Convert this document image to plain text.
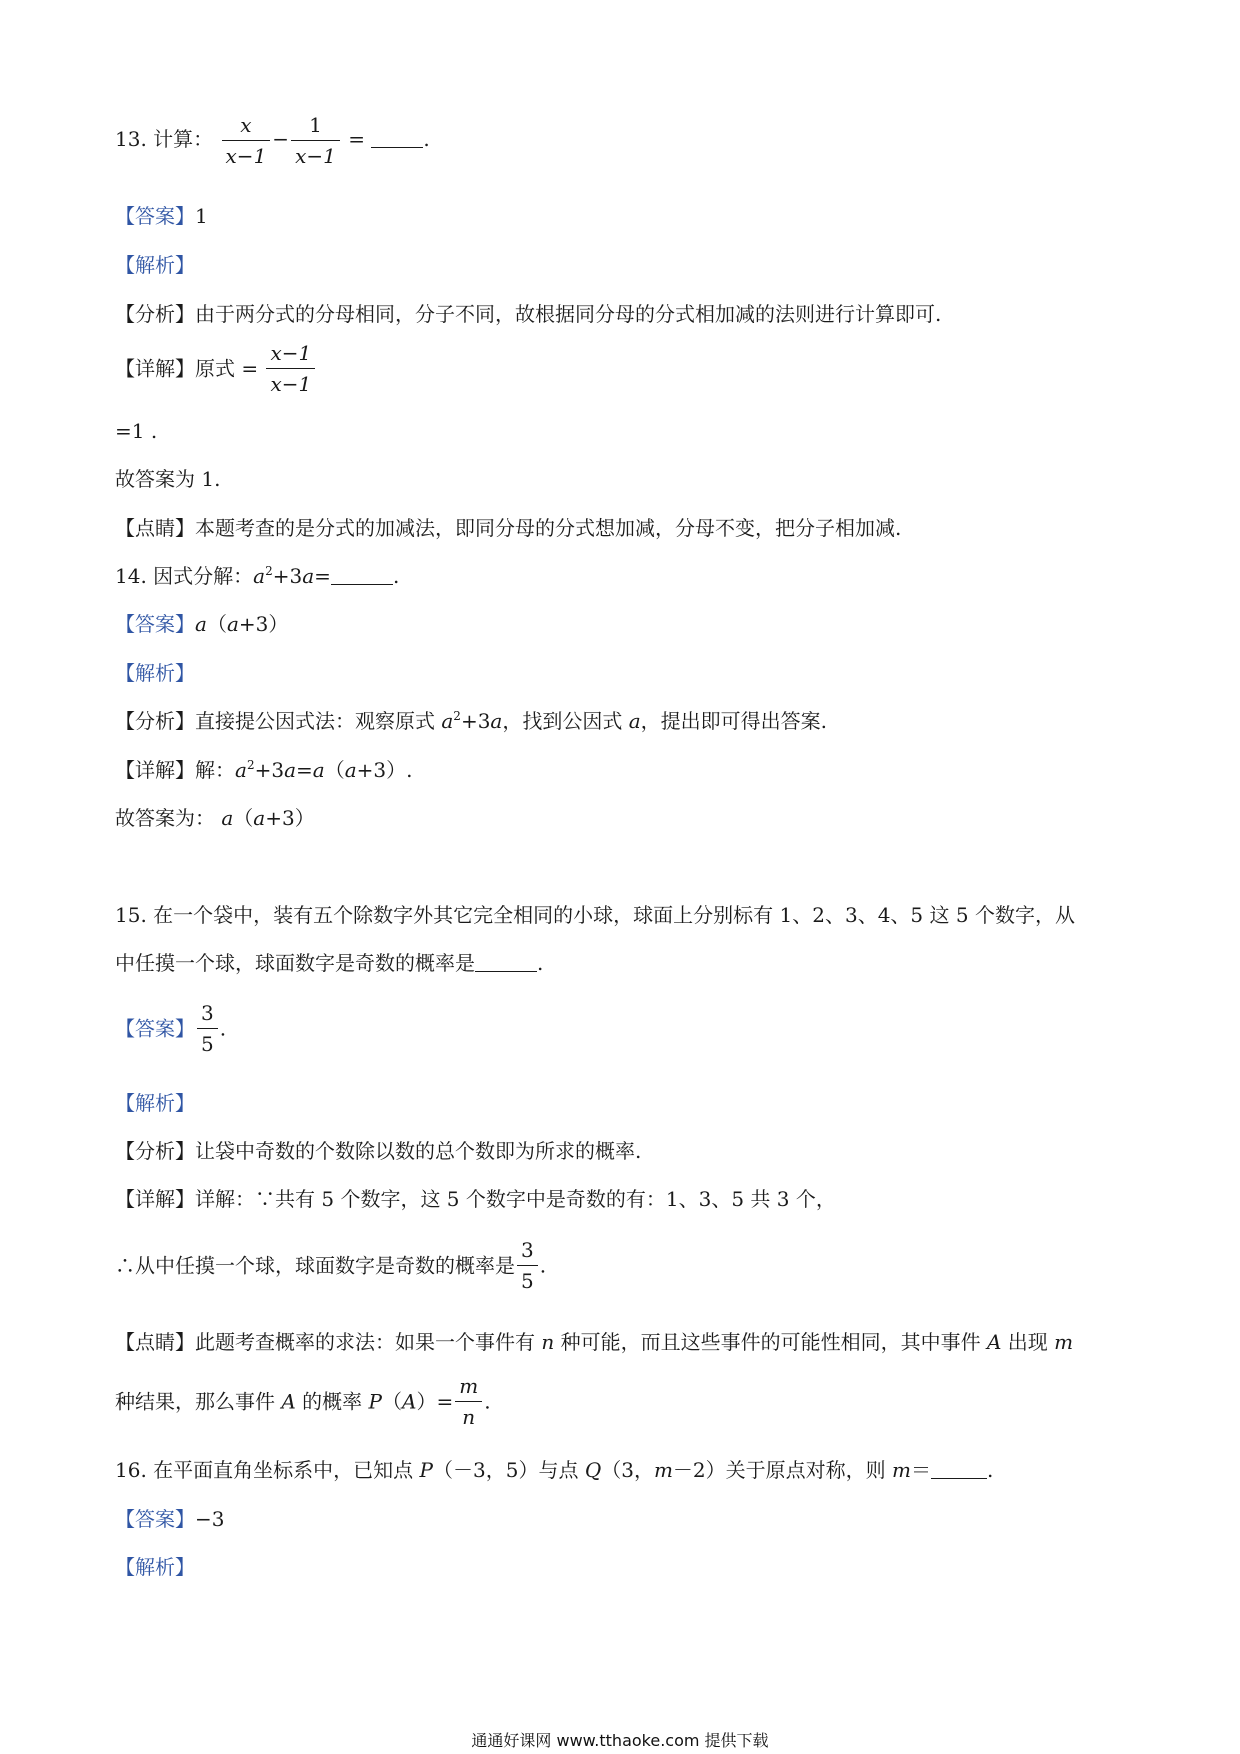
13. 计算： $\frac{x}{x-1} - \frac{1}{x-1}$ =	.
【答案】1
【解析】
【分析】由于两分式的分母相同，分子不同，故根据同分母的分式相加减的法则进行计算即可.
【详解】原式 = $\frac{x-1}{x-1}$
=1 .
故答案为 1.
【点睛】本题考查的是分式的加减法，即同分母的分式想加减，分母不变，把分子相加减.
14. 因式分解：$a^2+3a=$	.
【答案】a（a+3）
【解析】
【分析】直接提公因式法：观察原式 $a^2+3a$，找到公因式 a，提出即可得出答案.
【详解】解：$a^2+3a=a(a+3)$.
故答案为： a（a+3）
15. 在一个袋中，装有五个除数字外其它完全相同的小球，球面上分别标有 1、2、3、4、5 这 5 个数字，从
中任摸一个球，球面数字是奇数的概率是	.
【答案】 $\frac{3}{5}$ .
【解析】
【分析】让袋中奇数的个数除以数的总个数即为所求的概率.
【详解】详解：∵共有 5 个数字，这 5 个数字中是奇数的有：1、3、5 共 3 个，
∴从中任摸一个球，球面数字是奇数的概率是 $\frac{3}{5}$ .
【点睛】此题考查概率的求法：如果一个事件有 n 种可能，而且这些事件的可能性相同，其中事件 A 出现 m
种结果，那么事件 A 的概率 $P(A)= \frac{m}{n}$ .
16. 在平面直角坐标系中，已知点 P（－3，5）与点 Q（3，m－2）关于原点对称，则 m＝	.
【答案】−3
【解析】
通通好课网 www.tthaoke.com 提供下载
